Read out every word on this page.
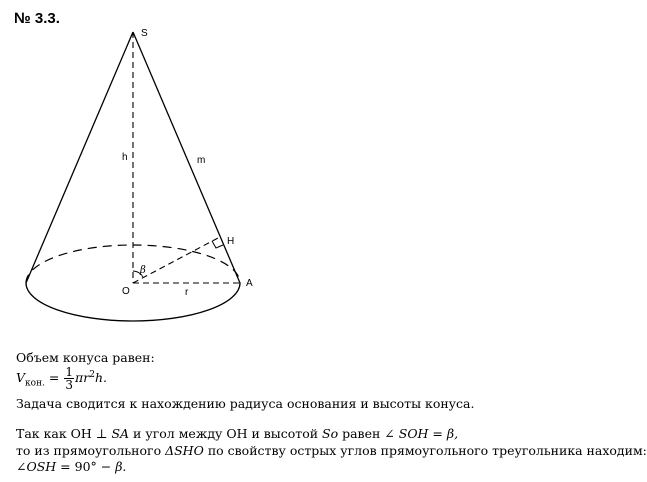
№ 3.3.
S
O
A
H
h	m
r
β
Объем конуса равен:
$V_{кон.} = \frac{1}{3} \pi r^2h$.
Задача сводится к нахождению радиуса основания и высоты конуса.
Так как OH ⊥ SA и угол между OH и высотой So равен ∠ SOH = β,
то из прямоугольного ΔSHO по свойству острых углов прямоугольного треугольника находим:
∠OSH = 90° − β.
